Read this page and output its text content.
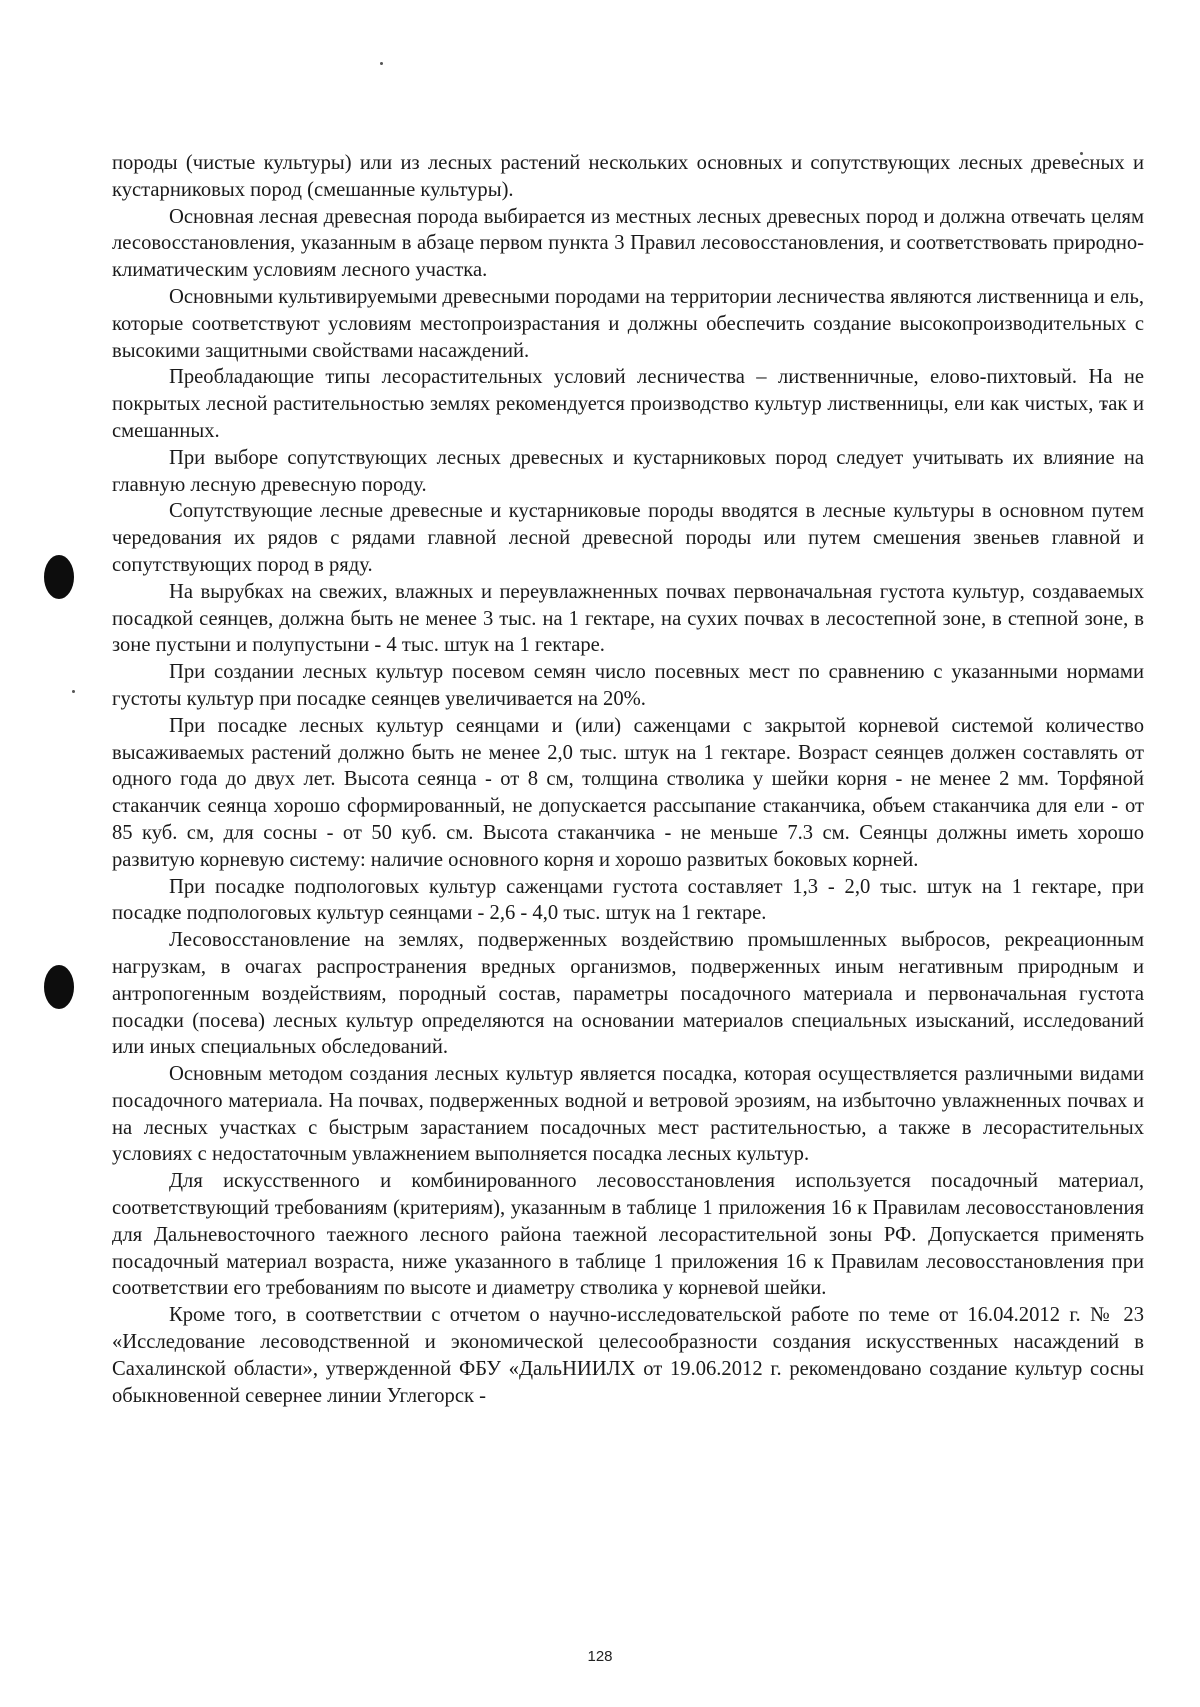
породы (чистые культуры) или из лесных растений нескольких основных и сопутствующих лесных древесных и кустарниковых пород (смешанные культуры).

Основная лесная древесная порода выбирается из местных лесных древесных пород и должна отвечать целям лесовосстановления, указанным в абзаце первом пункта 3 Правил лесовосстановления, и соответствовать природно-климатическим условиям лесного участка.

Основными культивируемыми древесными породами на территории лесничества являются лиственница и ель, которые соответствуют условиям местопроизрастания и должны обеспечить создание высокопроизводительных с высокими защитными свойствами насаждений.

Преобладающие типы лесорастительных условий лесничества – лиственничные, елово-пихтовый. На не покрытых лесной растительностью землях рекомендуется производство культур лиственницы, ели как чистых, так и смешанных.

При выборе сопутствующих лесных древесных и кустарниковых пород следует учитывать их влияние на главную лесную древесную породу.

Сопутствующие лесные древесные и кустарниковые породы вводятся в лесные культуры в основном путем чередования их рядов с рядами главной лесной древесной породы или путем смешения звеньев главной и сопутствующих пород в ряду.

На вырубках на свежих, влажных и переувлажненных почвах первоначальная густота культур, создаваемых посадкой сеянцев, должна быть не менее 3 тыс. на 1 гектаре, на сухих почвах в лесостепной зоне, в степной зоне, в зоне пустыни и полупустыни - 4 тыс. штук на 1 гектаре.

При создании лесных культур посевом семян число посевных мест по сравнению с указанными нормами густоты культур при посадке сеянцев увеличивается на 20%.

При посадке лесных культур сеянцами и (или) саженцами с закрытой корневой системой количество высаживаемых растений должно быть не менее 2,0 тыс. штук на 1 гектаре. Возраст сеянцев должен составлять от одного года до двух лет. Высота сеянца - от 8 см, толщина стволика у шейки корня - не менее 2 мм. Торфяной стаканчик сеянца хорошо сформированный, не допускается рассыпание стаканчика, объем стаканчика для ели - от 85 куб. см, для сосны - от 50 куб. см. Высота стаканчика - не меньше 7.3 см. Сеянцы должны иметь хорошо развитую корневую систему: наличие основного корня и хорошо развитых боковых корней.

При посадке подпологовых культур саженцами густота составляет 1,3 - 2,0 тыс. штук на 1 гектаре, при посадке подпологовых культур сеянцами - 2,6 - 4,0 тыс. штук на 1 гектаре.

Лесовосстановление на землях, подверженных воздействию промышленных выбросов, рекреационным нагрузкам, в очагах распространения вредных организмов, подверженных иным негативным природным и антропогенным воздействиям, породный состав, параметры посадочного материала и первоначальная густота посадки (посева) лесных культур определяются на основании материалов специальных изысканий, исследований или иных специальных обследований.

Основным методом создания лесных культур является посадка, которая осуществляется различными видами посадочного материала. На почвах, подверженных водной и ветровой эрозиям, на избыточно увлажненных почвах и на лесных участках с быстрым зарастанием посадочных мест растительностью, а также в лесорастительных условиях с недостаточным увлажнением выполняется посадка лесных культур.

Для искусственного и комбинированного лесовосстановления используется посадочный материал, соответствующий требованиям (критериям), указанным в таблице 1 приложения 16 к Правилам лесовосстановления для Дальневосточного таежного лесного района таежной лесорастительной зоны РФ. Допускается применять посадочный материал возраста, ниже указанного в таблице 1 приложения 16 к Правилам лесовосстановления при соответствии его требованиям по высоте и диаметру стволика у корневой шейки.

Кроме того, в соответствии с отчетом о научно-исследовательской работе по теме от 16.04.2012 г. № 23 «Исследование лесоводственной и экономической целесообразности создания искусственных насаждений в Сахалинской области», утвержденной ФБУ «ДальНИИЛХ от 19.06.2012 г. рекомендовано создание культур сосны обыкновенной севернее линии Углегорск -

128
